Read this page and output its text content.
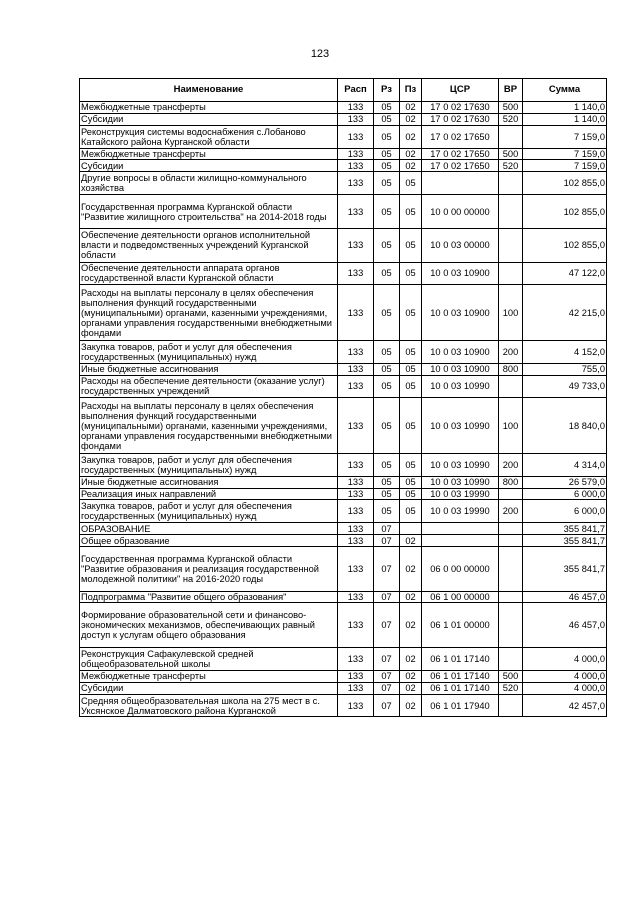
123
Наименование	Расп	Рз	Пз	ЦСР	ВР	Сумма
Межбюджетные трансферты	133	05	02	17 0 02 17630	500	1 140,0
Субсидии	133	05	02	17 0 02 17630	520	1 140,0
Реконструкция системы водоснабжения с.Лобаново Катайского района Курганской области	133	05	02	17 0 02 17650		7 159,0
Межбюджетные трансферты	133	05	02	17 0 02 17650	500	7 159,0
Субсидии	133	05	02	17 0 02 17650	520	7 159,0
Другие вопросы в области жилищно-коммунального хозяйства	133	05	05			102 855,0
Государственная программа Курганской области "Развитие жилищного строительства" на 2014-2018 годы	133	05	05	10 0 00 00000		102 855,0
Обеспечение деятельности органов исполнительной власти и подведомственных учреждений Курганской области	133	05	05	10 0 03 00000		102 855,0
Обеспечение деятельности аппарата органов государственной власти Курганской области	133	05	05	10 0 03 10900		47 122,0
Расходы на выплаты персоналу в целях обеспечения выполнения функций государственными (муниципальными) органами, казенными учреждениями, органами управления государственными внебюджетными фондами	133	05	05	10 0 03 10900	100	42 215,0
Закупка товаров, работ и услуг для обеспечения государственных (муниципальных) нужд	133	05	05	10 0 03 10900	200	4 152,0
Иные бюджетные ассигнования	133	05	05	10 0 03 10900	800	755,0
Расходы на обеспечение деятельности (оказание услуг) государственных учреждений	133	05	05	10 0 03 10990		49 733,0
Расходы на выплаты персоналу в целях обеспечения выполнения функций государственными (муниципальными) органами, казенными учреждениями, органами управления государственными внебюджетными фондами	133	05	05	10 0 03 10990	100	18 840,0
Закупка товаров, работ и услуг для обеспечения государственных (муниципальных) нужд	133	05	05	10 0 03 10990	200	4 314,0
Иные бюджетные ассигнования	133	05	05	10 0 03 10990	800	26 579,0
Реализация иных направлений	133	05	05	10 0 03 19990		6 000,0
Закупка товаров, работ и услуг для обеспечения государственных (муниципальных) нужд	133	05	05	10 0 03 19990	200	6 000,0
ОБРАЗОВАНИЕ	133	07				355 841,7
Общее образование	133	07	02			355 841,7
Государственная программа Курганской области "Развитие образования и реализация государственной молодежной политики" на 2016-2020 годы	133	07	02	06 0 00 00000		355 841,7
Подпрограмма "Развитие общего образования"	133	07	02	06 1 00 00000		46 457,0
Формирование образовательной сети и финансово-экономических механизмов, обеспечивающих равный доступ к услугам общего образования	133	07	02	06 1 01 00000		46 457,0
Реконструкция Сафакулевской средней общеобразовательной школы	133	07	02	06 1 01 17140		4 000,0
Межбюджетные трансферты	133	07	02	06 1 01 17140	500	4 000,0
Субсидии	133	07	02	06 1 01 17140	520	4 000,0
Средняя общеобразовательная школа на 275 мест в с. Уксянское Далматовского района Курганской	133	07	02	06 1 01 17940		42 457,0
